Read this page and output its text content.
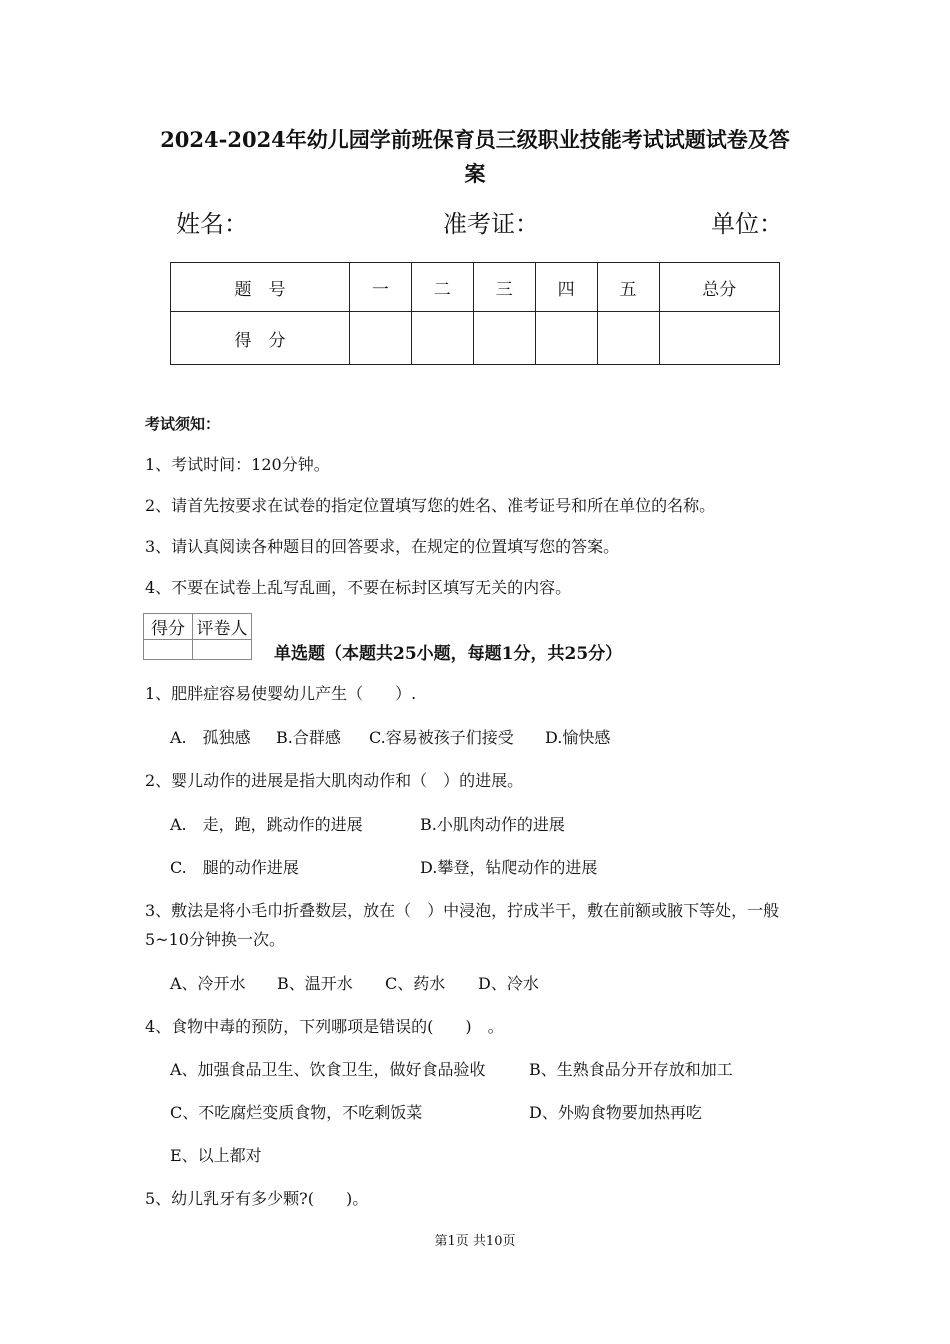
2024-2024年幼儿园学前班保育员三级职业技能考试试题试卷及答
案
姓名：	准考证：	单位：
题　号	一	二	三	四	五	总分
得　分						
考试须知：
1、考试时间：120分钟。
2、请首先按要求在试卷的指定位置填写您的姓名、准考证号和所在单位的名称。
3、请认真阅读各种题目的回答要求，在规定的位置填写您的答案。
4、不要在试卷上乱写乱画，不要在标封区填写无关的内容。
得分	评卷人

单选题（本题共25小题，每题1分，共25分）
1、肥胖症容易使婴幼儿产生（　　）.
A.　孤独感 B.合群感 C.容易被孩子们接受 D.愉快感
2、婴儿动作的进展是指大肌肉动作和（　）的进展。
A.　走，跑，跳动作的进展	B.小肌肉动作的进展
C.　腿的动作进展	D.攀登，钻爬动作的进展
3、敷法是将小毛巾折叠数层，放在（　）中浸泡，拧成半干，敷在前额或腋下等处，一般
5~10分钟换一次。
A、冷开水 B、温开水 C、药水 D、冷水
4、食物中毒的预防，下列哪项是错误的(　　)　。
A、加强食品卫生、饮食卫生，做好食品验收	B、生熟食品分开存放和加工
C、不吃腐烂变质食物，不吃剩饭菜	D、外购食物要加热再吃
E、以上都对
5、幼儿乳牙有多少颗?(　　)。
第1页 共10页
